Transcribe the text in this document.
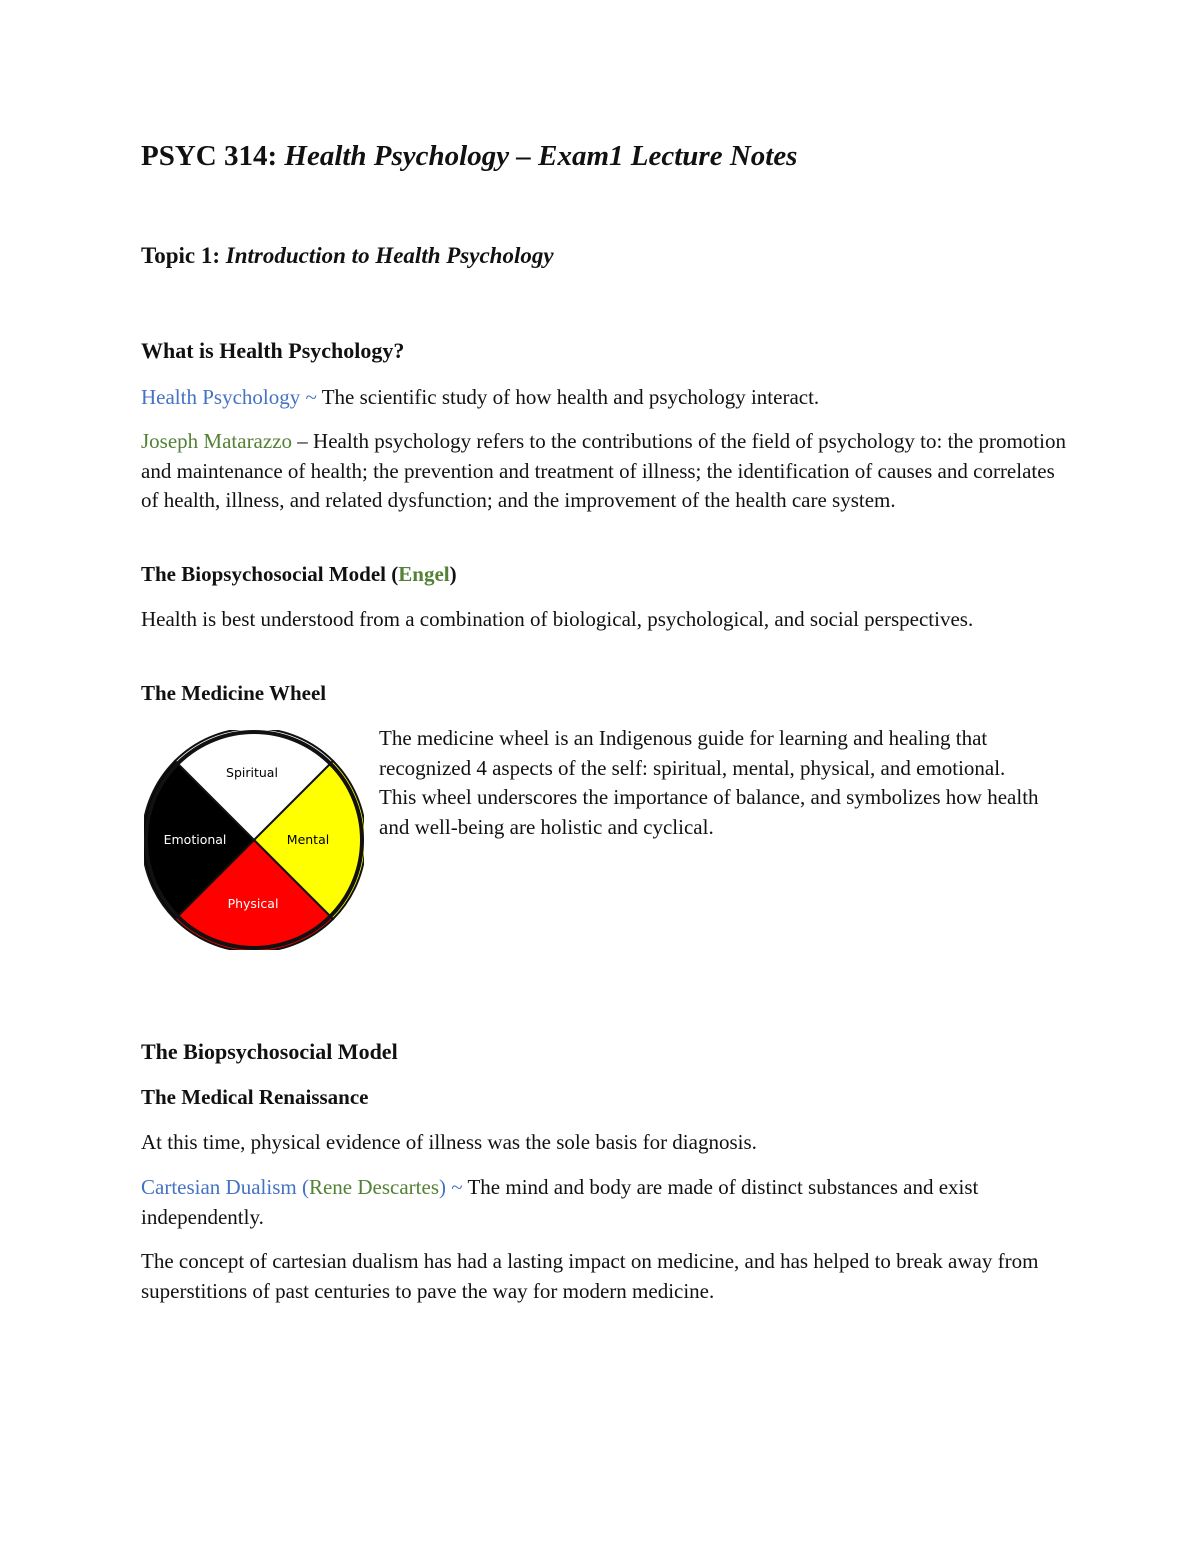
PSYC 314: Health Psychology – Exam1 Lecture Notes
Topic 1: Introduction to Health Psychology
What is Health Psychology?

Health Psychology ~ The scientific study of how health and psychology interact.

Joseph Matarazzo – Health psychology refers to the contributions of the field of psychology to: the promotion and maintenance of health; the prevention and treatment of illness; the identification of causes and correlates of health, illness, and related dysfunction; and the improvement of the health care system.

The Biopsychosocial Model (Engel)

Health is best understood from a combination of biological, psychological, and social perspectives.

The Medicine Wheel
Spiritual
Mental
Physical
Emotional

The medicine wheel is an Indigenous guide for learning and healing that recognized 4 aspects of the self: spiritual, mental, physical, and emotional. This wheel underscores the importance of balance, and symbolizes how health and well-being are holistic and cyclical.

The Biopsychosocial Model
The Medical Renaissance

At this time, physical evidence of illness was the sole basis for diagnosis.

Cartesian Dualism (Rene Descartes) ~ The mind and body are made of distinct substances and exist independently.

The concept of cartesian dualism has had a lasting impact on medicine, and has helped to break away from superstitions of past centuries to pave the way for modern medicine.
